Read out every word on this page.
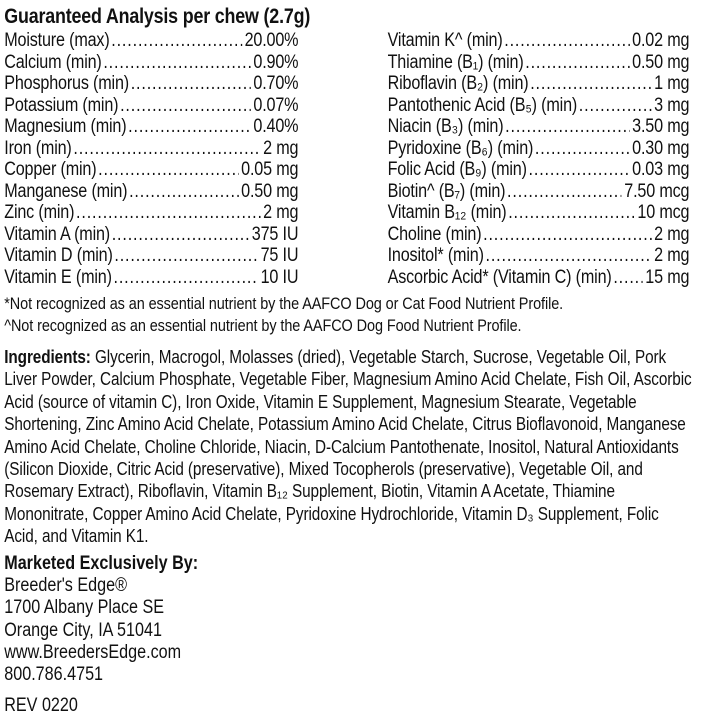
Guaranteed Analysis per chew (2.7g)
Moisture (max) .....	20.00%
Calcium (min) .....	0.90%
Phosphorus (min) .....	0.70%
Potassium (min) .....	0.07%
Magnesium (min) .....	0.40%
Iron (min) .....	2 mg
Copper (min) .....	0.05 mg
Manganese (min) .....	0.50 mg
Zinc (min) .....	2 mg
Vitamin A (min) .....	375 IU
Vitamin D (min) .....	75 IU
Vitamin E (min) .....	10 IU
Vitamin K^ (min) .....	0.02 mg
Thiamine (B₁) (min) .....	0.50 mg
Riboflavin (B₂) (min) .....	1 mg
Pantothenic Acid (B₅) (min) .....	3 mg
Niacin (B₃) (min) .....	3.50 mg
Pyridoxine (B₆) (min) .....	0.30 mg
Folic Acid (B₉) (min) .....	0.03 mg
Biotin^ (B₇) (min) .....	7.50 mcg
Vitamin B₁₂ (min) .....	10 mcg
Choline (min) .....	2 mg
Inositol* (min) .....	2 mg
Ascorbic Acid* (Vitamin C) (min) ..... 15 mg
*Not recognized as an essential nutrient by the AAFCO Dog or Cat Food Nutrient Profile.
^Not recognized as an essential nutrient by the AAFCO Dog Food Nutrient Profile.
Ingredients: Glycerin, Macrogol, Molasses (dried), Vegetable Starch, Sucrose, Vegetable Oil, Pork Liver Powder, Calcium Phosphate, Vegetable Fiber, Magnesium Amino Acid Chelate, Fish Oil, Ascorbic Acid (source of vitamin C), Iron Oxide, Vitamin E Supplement, Magnesium Stearate, Vegetable Shortening, Zinc Amino Acid Chelate, Potassium Amino Acid Chelate, Citrus Bioflavonoid, Manganese Amino Acid Chelate, Choline Chloride, Niacin, D-Calcium Pantothenate, Inositol, Natural Antioxidants (Silicon Dioxide, Citric Acid (preservative), Mixed Tocopherols (preservative), Vegetable Oil, and Rosemary Extract), Riboflavin, Vitamin B₁₂ Supplement, Biotin, Vitamin A Acetate, Thiamine Mononitrate, Copper Amino Acid Chelate, Pyridoxine Hydrochloride, Vitamin D₃ Supplement, Folic Acid, and Vitamin K1.
Marketed Exclusively By:
Breeder's Edge®
1700 Albany Place SE
Orange City, IA 51041
www.BreedersEdge.com
800.786.4751
REV 0220
